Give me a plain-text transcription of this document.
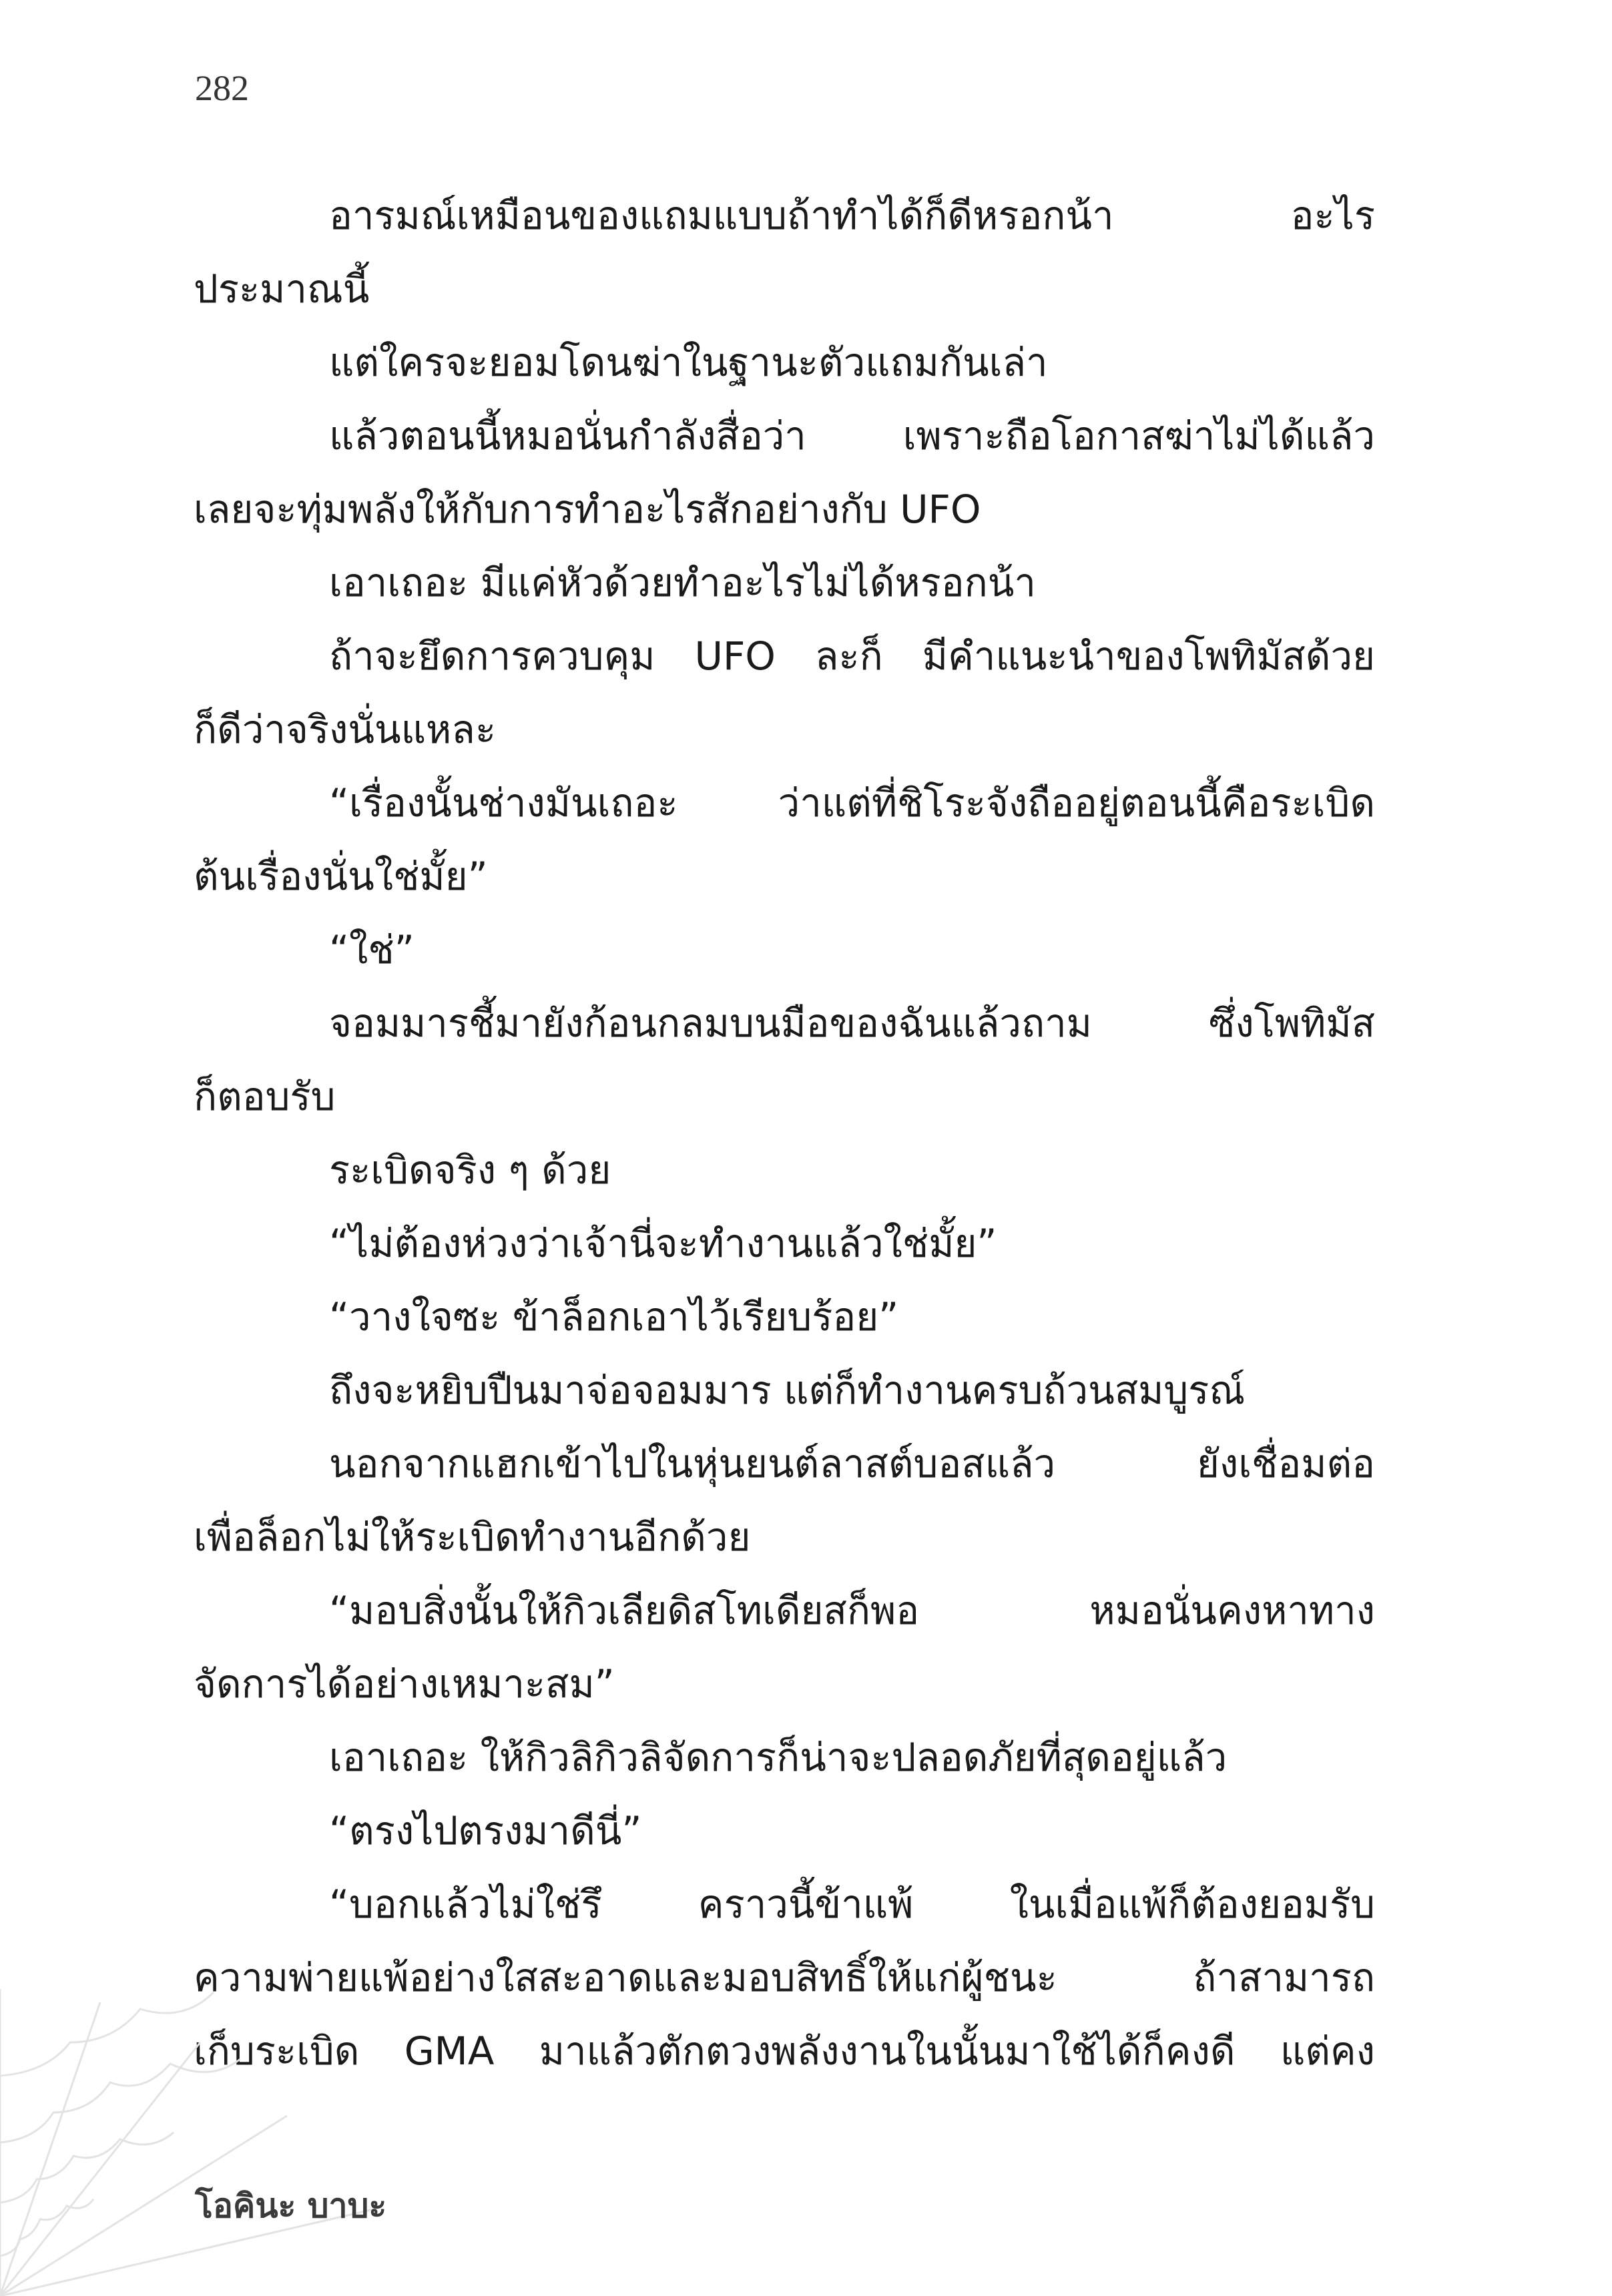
282
อารมณ์เหมือนของแถมแบบถ้าทำได้ก็ดีหรอกน้า อะไร
ประมาณนี้
แต่ใครจะยอมโดนฆ่าในฐานะตัวแถมกันเล่า
แล้วตอนนี้หมอนั่นกำลังสื่อว่า เพราะถือโอกาสฆ่าไม่ได้แล้ว
เลยจะทุ่มพลังให้กับการทำอะไรสักอย่างกับ UFO
เอาเถอะ มีแค่หัวด้วยทำอะไรไม่ได้หรอกน้า
ถ้าจะยึดการควบคุม UFO ละก็ มีคำแนะนำของโพทิมัสด้วย
ก็ดีว่าจริงนั่นแหละ
“เรื่องนั้นช่างมันเถอะ ว่าแต่ที่ชิโระจังถืออยู่ตอนนี้คือระเบิด
ต้นเรื่องนั่นใช่มั้ย”
“ใช่”
จอมมารชี้มายังก้อนกลมบนมือของฉันแล้วถาม ซึ่งโพทิมัส
ก็ตอบรับ
ระเบิดจริง ๆ ด้วย
“ไม่ต้องห่วงว่าเจ้านี่จะทำงานแล้วใช่มั้ย”
“วางใจซะ ข้าล็อกเอาไว้เรียบร้อย”
ถึงจะหยิบปืนมาจ่อจอมมาร แต่ก็ทำงานครบถ้วนสมบูรณ์
นอกจากแฮกเข้าไปในหุ่นยนต์ลาสต์บอสแล้ว ยังเชื่อมต่อ
เพื่อล็อกไม่ให้ระเบิดทำงานอีกด้วย
“มอบสิ่งนั้นให้กิวเลียดิสโทเดียสก็พอ หมอนั่นคงหาทาง
จัดการได้อย่างเหมาะสม”
เอาเถอะ ให้กิวลิกิวลิจัดการก็น่าจะปลอดภัยที่สุดอยู่แล้ว
“ตรงไปตรงมาดีนี่”
“บอกแล้วไม่ใช่รึ คราวนี้ข้าแพ้ ในเมื่อแพ้ก็ต้องยอมรับ
ความพ่ายแพ้อย่างใสสะอาดและมอบสิทธิ์ให้แก่ผู้ชนะ ถ้าสามารถ
เก็บระเบิด GMA มาแล้วตักตวงพลังงานในนั้นมาใช้ได้ก็คงดี แต่คง
โอคินะ บาบะ
